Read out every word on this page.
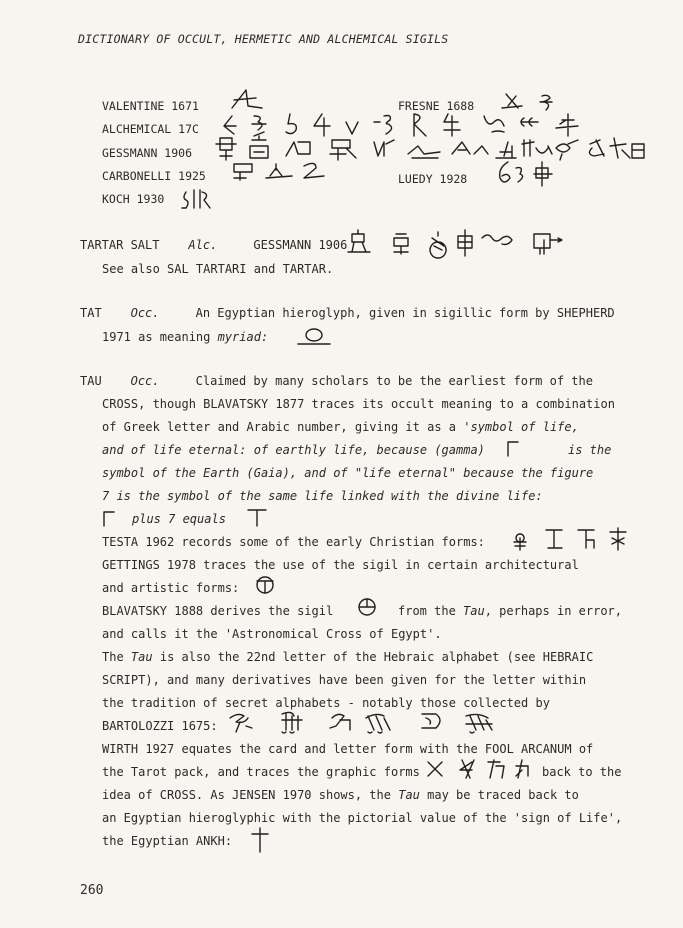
DICTIONARY OF OCCULT, HERMETIC AND ALCHEMICAL SIGILS
VALENTINE 1671	FRESNE 1688
ALCHEMICAL 17C
GESSMANN 1906
CARBONELLI 1925	LUEDY 1928
KOCH 1930
TARTAR SALT Alc.	GESSMANN 1906
See also SAL TARTARI and TARTAR.
TAT Occ.	An Egyptian hieroglyph, given in sigillic form by SHEPHERD
1971 as meaning myriad:
TAU Occ.	Claimed by many scholars to be the earliest form of the
CROSS, though BLAVATSKY 1877 traces its occult meaning to a combination
of Greek letter and Arabic number, giving it as a 'symbol of life,
and of life eternal: of earthly life, because (gamma)	is the
symbol of the Earth (Gaia), and of "life eternal" because the figure
7 is the symbol of the same life linked with the divine life:
plus 7 equals
TESTA 1962 records some of the early Christian forms:
GETTINGS 1978 traces the use of the sigil in certain architectural
and artistic forms:
BLAVATSKY 1888 derives the sigil	from the Tau, perhaps in error,
and calls it the 'Astronomical Cross of Egypt'.
The Tau is also the 22nd letter of the Hebraic alphabet (see HEBRAIC
SCRIPT), and many derivatives have been given for the letter within
the tradition of secret alphabets - notably those collected by
BARTOLOZZI 1675:
WIRTH 1927 equates the card and letter form with the FOOL ARCANUM of
the Tarot pack, and traces the graphic forms	back to the
idea of CROSS. As JENSEN 1970 shows, the Tau may be traced back to
an Egyptian hieroglyphic with the pictorial value of the 'sign of Life',
the Egyptian ANKH:
260
